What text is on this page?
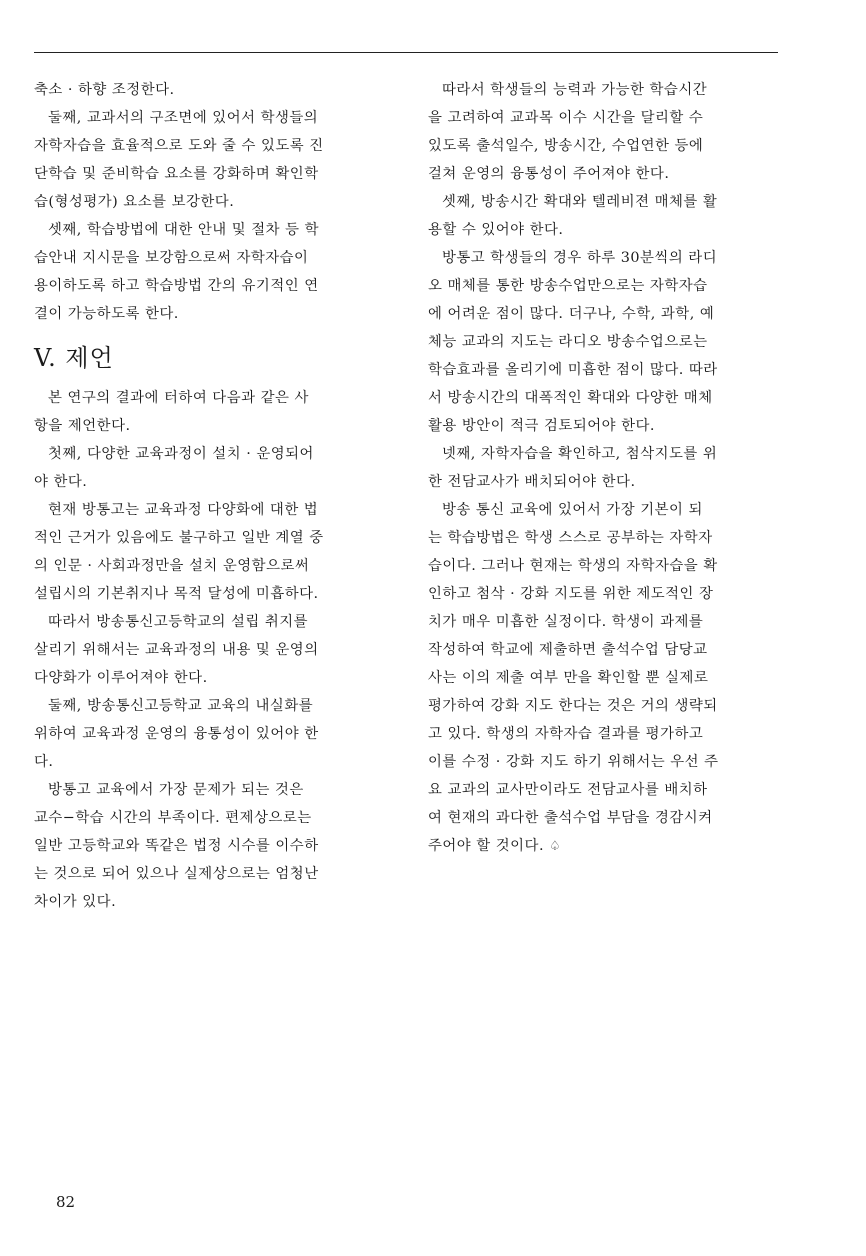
축소 · 하향 조정한다.
둘째, 교과서의 구조면에 있어서 학생들의
자학자습을 효율적으로 도와 줄 수 있도록 진
단학습 및 준비학습 요소를 강화하며 확인학
습(형성평가) 요소를 보강한다.
셋째, 학습방법에 대한 안내 및 절차 등 학
습안내 지시문을 보강함으로써 자학자습이
용이하도록 하고 학습방법 간의 유기적인 연
결이 가능하도록 한다.
V. 제언
본 연구의 결과에 터하여 다음과 같은 사
항을 제언한다.
첫째, 다양한 교육과정이 설치 · 운영되어
야 한다.
현재 방통고는 교육과정 다양화에 대한 법
적인 근거가 있음에도 불구하고 일반 계열 중
의 인문 · 사회과정만을 설치 운영함으로써
설립시의 기본취지나 목적 달성에 미흡하다.
따라서 방송통신고등학교의 설립 취지를
살리기 위해서는 교육과정의 내용 및 운영의
다양화가 이루어져야 한다.
둘째, 방송통신고등학교 교육의 내실화를
위하여 교육과정 운영의 융통성이 있어야 한
다.
방통고 교육에서 가장 문제가 되는 것은
교수−학습 시간의 부족이다. 편제상으로는
일반 고등학교와 똑같은 법정 시수를 이수하
는 것으로 되어 있으나 실제상으로는 엄청난
차이가 있다.
따라서 학생들의 능력과 가능한 학습시간
을 고려하여 교과목 이수 시간을 달리할 수
있도록 출석일수, 방송시간, 수업연한 등에
걸쳐 운영의 융통성이 주어져야 한다.
셋째, 방송시간 확대와 텔레비젼 매체를 활
용할 수 있어야 한다.
방통고 학생들의 경우 하루 30분씩의 라디
오 매체를 통한 방송수업만으로는 자학자습
에 어려운 점이 많다. 더구나, 수학, 과학, 예
체능 교과의 지도는 라디오 방송수업으로는
학습효과를 올리기에 미흡한 점이 많다. 따라
서 방송시간의 대폭적인 확대와 다양한 매체
활용 방안이 적극 검토되어야 한다.
넷째, 자학자습을 확인하고, 첨삭지도를 위
한 전담교사가 배치되어야 한다.
방송 통신 교육에 있어서 가장 기본이 되
는 학습방법은 학생 스스로 공부하는 자학자
습이다. 그러나 현재는 학생의 자학자습을 확
인하고 첨삭 · 강화 지도를 위한 제도적인 장
치가 매우 미흡한 실정이다. 학생이 과제를
작성하여 학교에 제출하면 출석수업 담당교
사는 이의 제출 여부 만을 확인할 뿐 실제로
평가하여 강화 지도 한다는 것은 거의 생략되
고 있다. 학생의 자학자습 결과를 평가하고
이를 수정 · 강화 지도 하기 위해서는 우선 주
요 교과의 교사만이라도 전담교사를 배치하
여 현재의 과다한 출석수업 부담을 경감시켜
주어야 할 것이다. ♤
82
